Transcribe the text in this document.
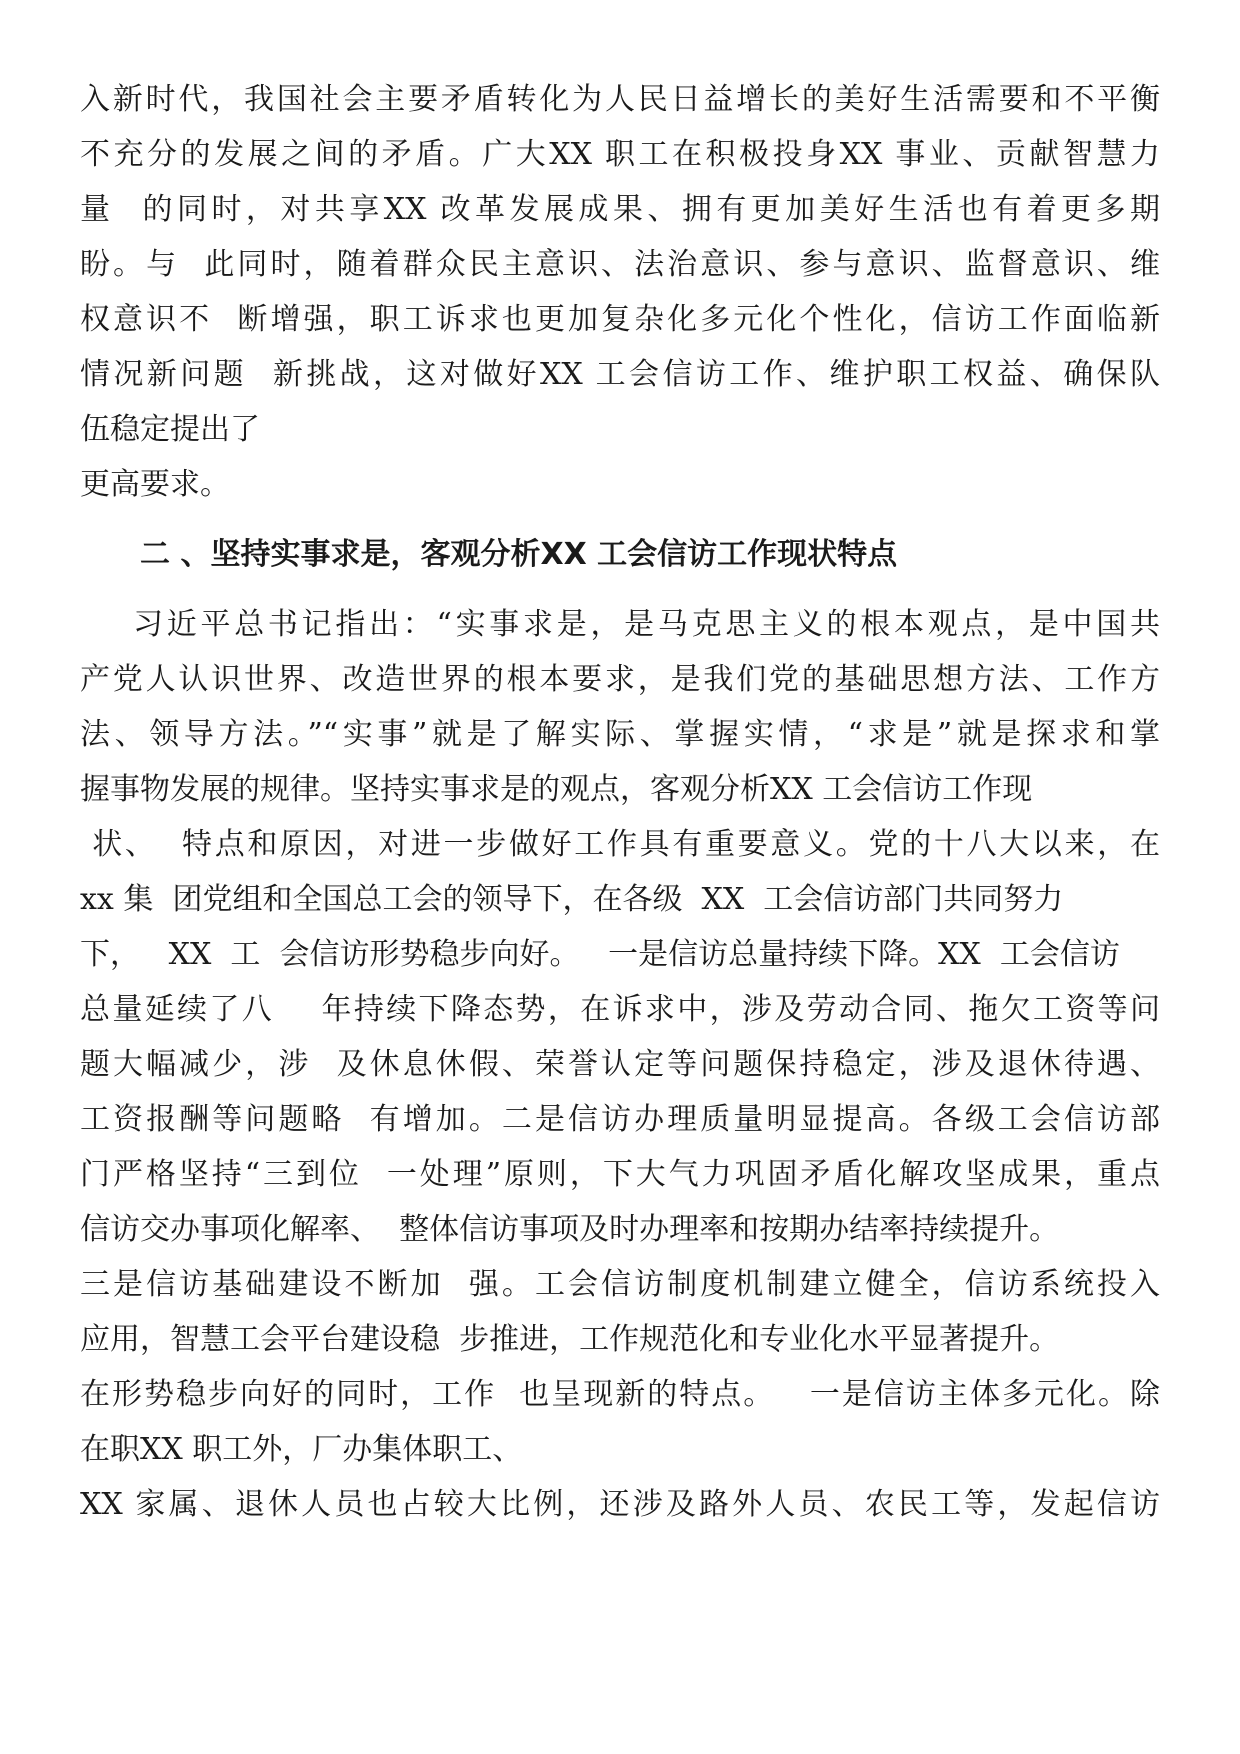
入新时代，我国社会主要矛盾转化为人民日益增长的美好生活需要和不平衡
不充分的发展之间的矛盾。广大XX 职工在积极投身XX 事业、贡献智慧力
量  的同时，对共享XX 改革发展成果、拥有更加美好生活也有着更多期
盼。与  此同时，随着群众民主意识、法治意识、参与意识、监督意识、维
权意识不  断增强，职工诉求也更加复杂化多元化个性化，信访工作面临新
情况新问题  新挑战，这对做好XX 工会信访工作、维护职工权益、确保队
伍稳定提出了
更高要求。
二 、坚持实事求是，客观分析XX 工会信访工作现状特点
习近平总书记指出：“实事求是，是马克思主义的根本观点，是中国共
产党人认识世界、改造世界的根本要求，是我们党的基础思想方法、工作方
法、领导方法。”“实事”就是了解实际、掌握实情，“求是”就是探求和掌
握事物发展的规律。坚持实事求是的观点，客观分析XX 工会信访工作现
状、  特点和原因，对进一步做好工作具有重要意义。党的十八大以来，在
xx 集  团党组和全国总工会的领导下，在各级  XX  工会信访部门共同努力
下，   XX  工  会信访形势稳步向好。   一是信访总量持续下降。XX  工会信访
总量延续了八    年持续下降态势，在诉求中，涉及劳动合同、拖欠工资等问
题大幅减少，涉  及休息休假、荣誉认定等问题保持稳定，涉及退休待遇、
工资报酬等问题略  有增加。二是信访办理质量明显提高。各级工会信访部
门严格坚持“三到位  一处理”原则，下大气力巩固矛盾化解攻坚成果，重点
信访交办事项化解率、  整体信访事项及时办理率和按期办结率持续提升。
三是信访基础建设不断加  强。工会信访制度机制建立健全，信访系统投入
应用，智慧工会平台建设稳  步推进，工作规范化和专业化水平显著提升。
在形势稳步向好的同时，工作  也呈现新的特点。   一是信访主体多元化。除
在职XX 职工外，厂办集体职工、
XX 家属、退休人员也占较大比例，还涉及路外人员、农民工等，发起信访
